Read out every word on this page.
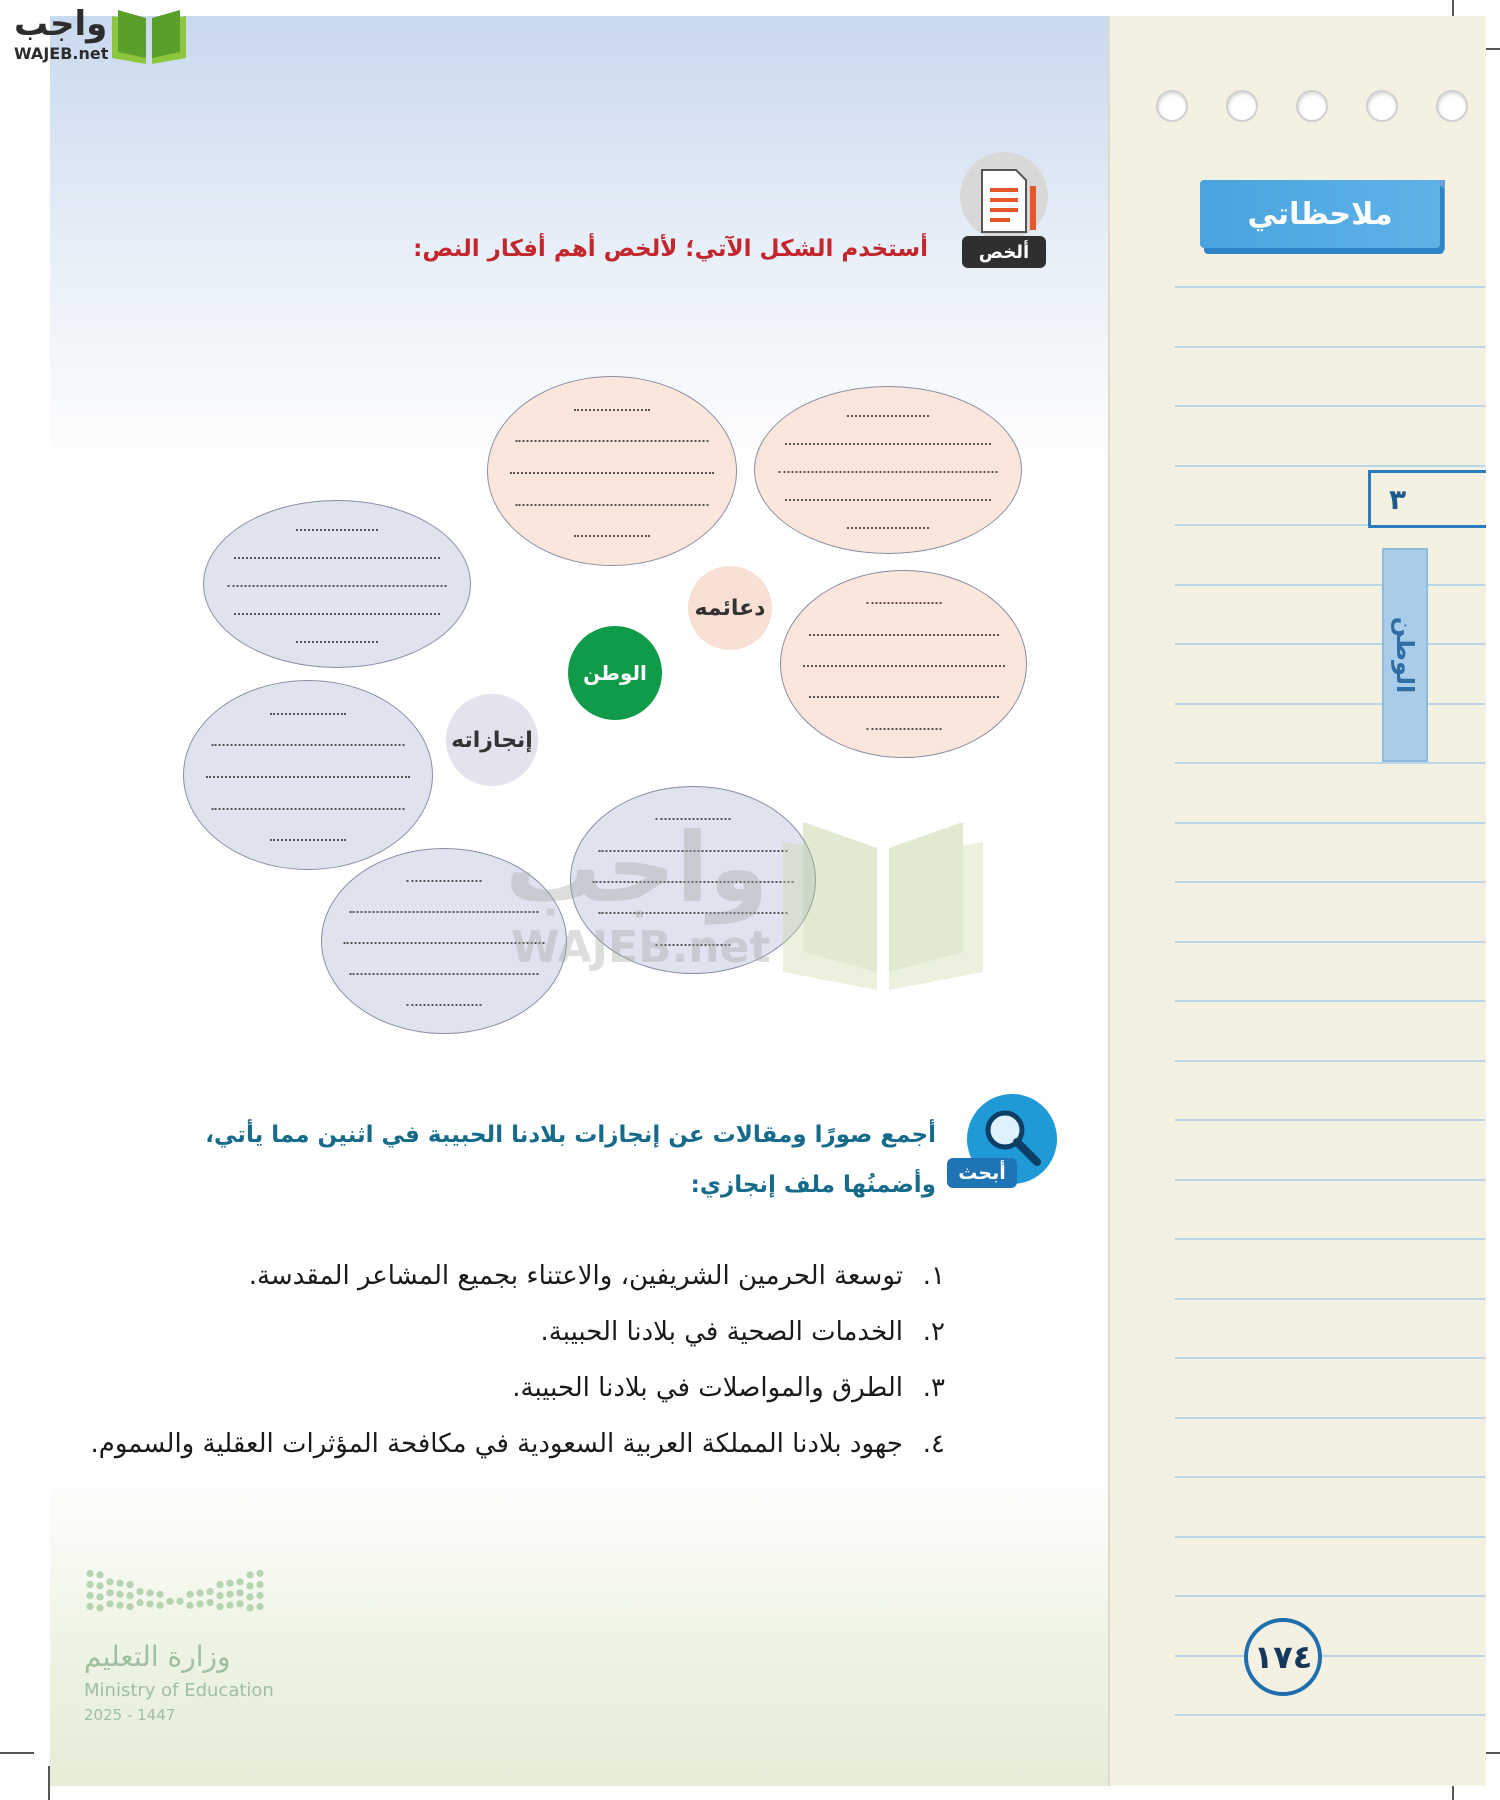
ملاحظاتي
٣
الوطن
١٧٤
واجب
WAJEB.net
ألخص
أستخدم الشكل الآتي؛ لألخص أهم أفكار النص:
دعائمه
الوطن
إنجازاته
واجب
WAJEB.net
أبحث
أجمع صورًا ومقالات عن إنجازات بلادنا الحبيبة في اثنين مما يأتي،
وأضمنُها ملف إنجازي:
١.
توسعة الحرمين الشريفين، والاعتناء بجميع المشاعر المقدسة.
٢.
الخدمات الصحية في بلادنا الحبيبة.
٣.
الطرق والمواصلات في بلادنا الحبيبة.
٤.
جهود بلادنا المملكة العربية السعودية في مكافحة المؤثرات العقلية والسموم.
وزارة التعليم
Ministry of Education
2025 - 1447
